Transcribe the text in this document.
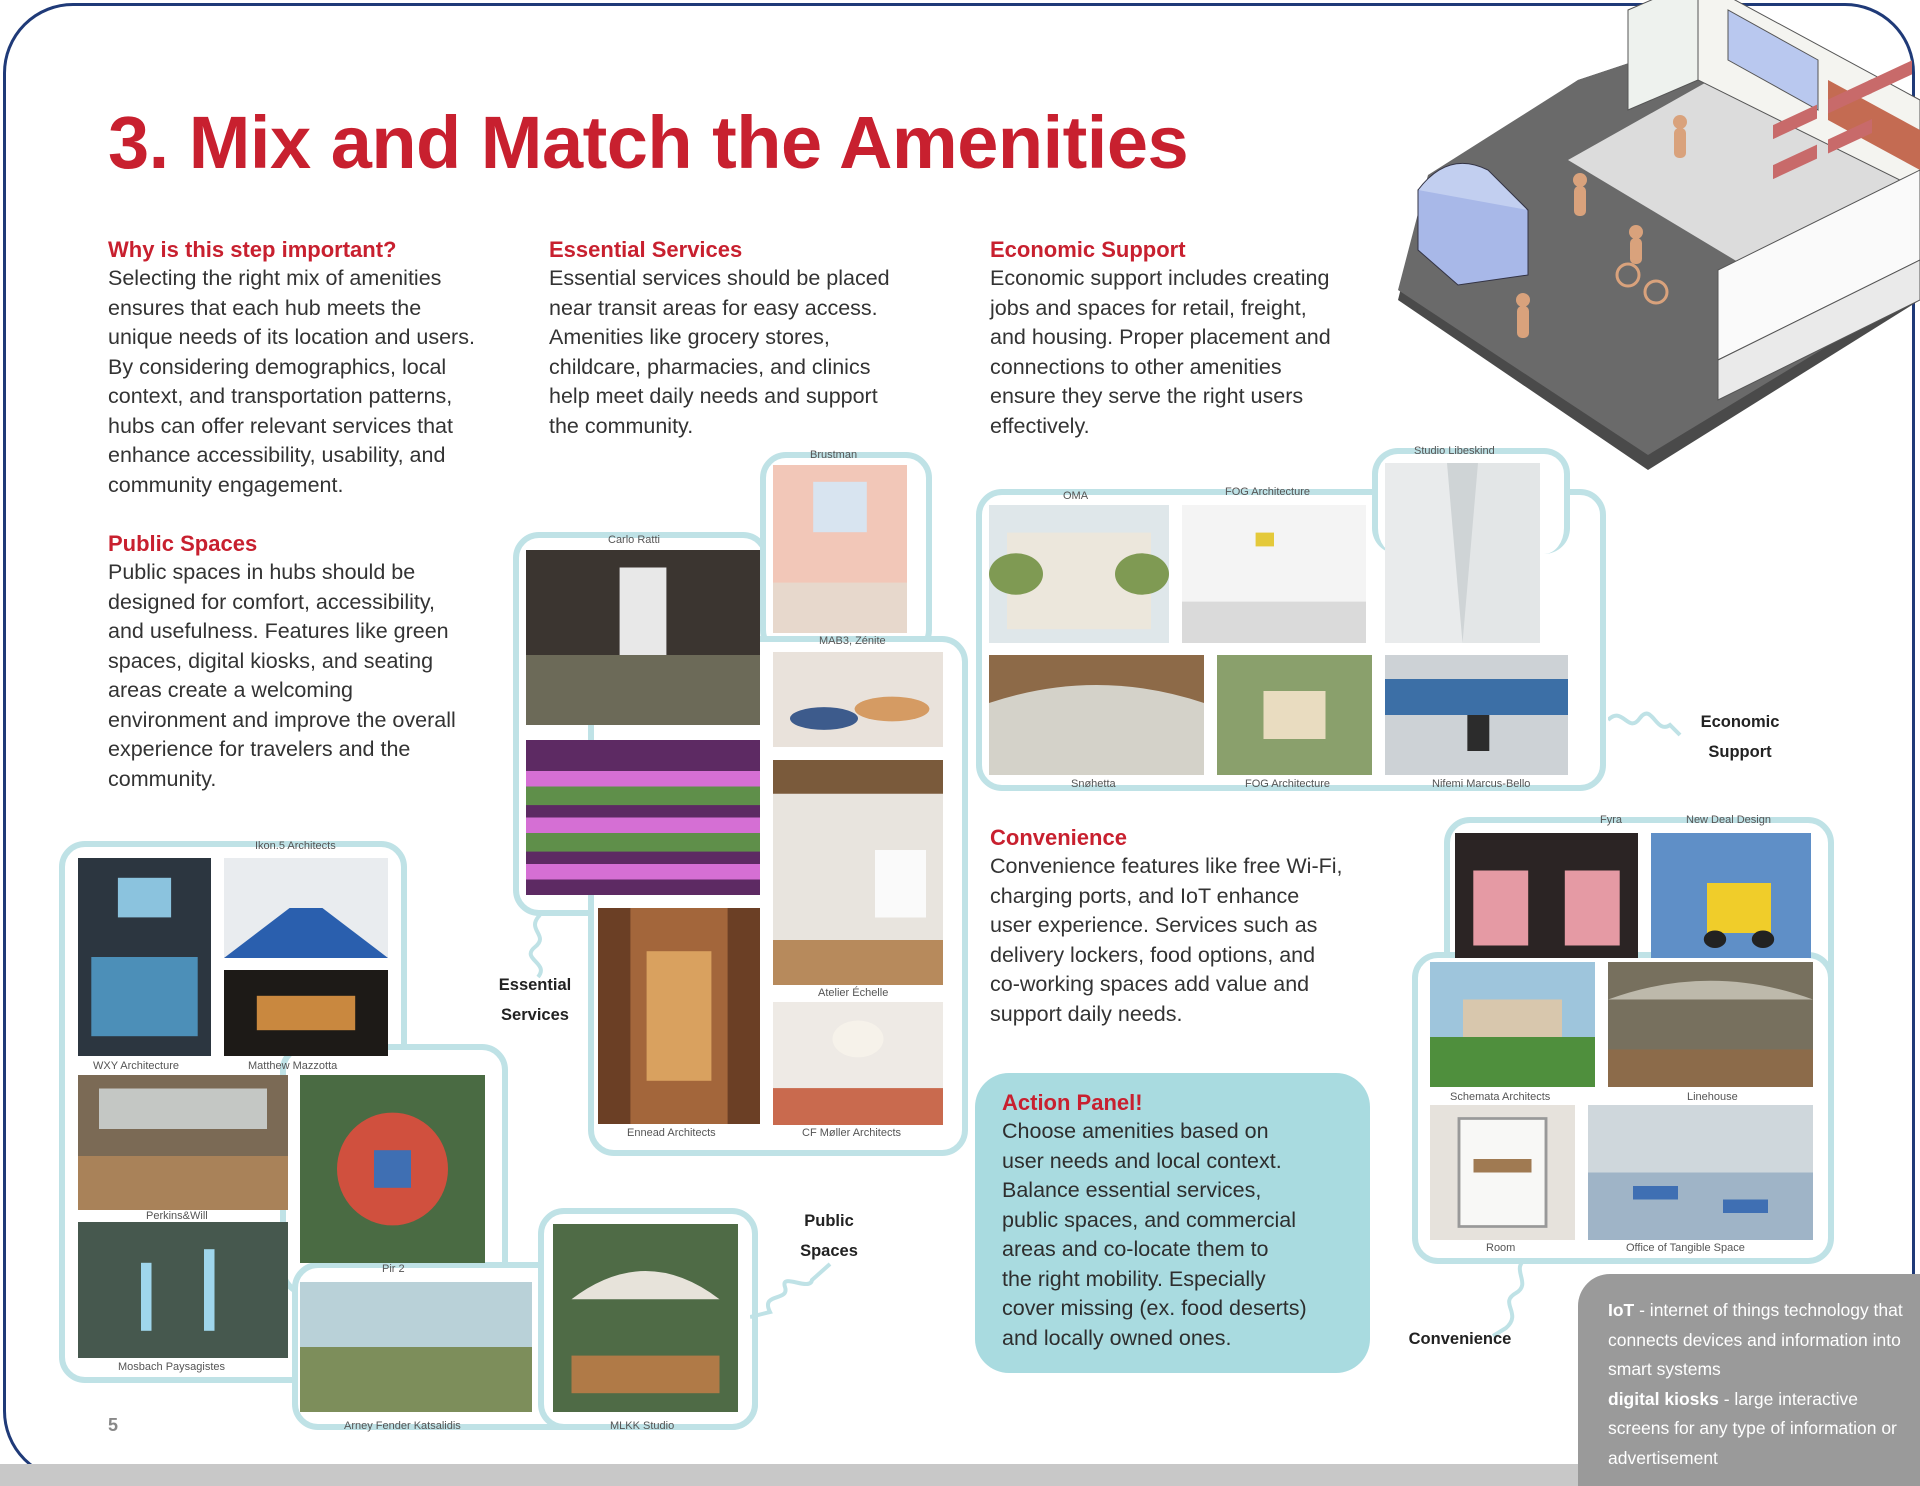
3. Mix and Match the Amenities
Why is this step important?

Selecting the right mix of amenities
ensures that each hub meets the
unique needs of its location and users.
By considering demographics, local
context, and transportation patterns,
hubs can offer relevant services that
enhance accessibility, usability, and
community engagement.

Essential Services

Essential services should be placed
near transit areas for easy access.
Amenities like grocery stores,
childcare, pharmacies, and clinics
help meet daily needs and support
the community.

Economic Support

Economic support includes creating
jobs and spaces for retail, freight,
and housing. Proper placement and
connections to other amenities
ensure they serve the right users
effectively.

Public Spaces

Public spaces in hubs should be
designed for comfort, accessibility,
and usefulness. Features like green
spaces, digital kiosks, and seating
areas create a welcoming
environment and improve the overall
experience for travelers and the
community.

Convenience

Convenience features like free Wi-Fi,
charging ports, and IoT enhance
user experience. Services such as
delivery lockers, food options, and
co-working spaces add value and
support daily needs.

Carlo Ratti
Brustman
MAB3, Zénite
Atelier Échelle
Ennead Architects	CF Møller Architects
Essential
Services
OMA	FOG Architecture
Studio Libeskind
Snøhetta	FOG Architecture	Nifemi Marcus-Bello
Economic
Support
Ikon.5 Architects
WXY Architecture	Matthew Mazzotta
Perkins&Will
Pir 2
Mosbach Paysagistes
Arney Fender Katsalidis	MLKK Studio
Public
Spaces
Fyra	New Deal Design
Schemata Architects	Linehouse
Room	Office of Tangible Space
Convenience
Action Panel!

Choose amenities based on
user needs and local context.
Balance essential services,
public spaces, and commercial
areas and co-locate them to
the right mobility. Especially
cover missing (ex. food deserts)
and locally owned ones.

IoT - internet of things technology that connects devices and information into smart systems
digital kiosks - large interactive screens for any type of information or advertisement

5
